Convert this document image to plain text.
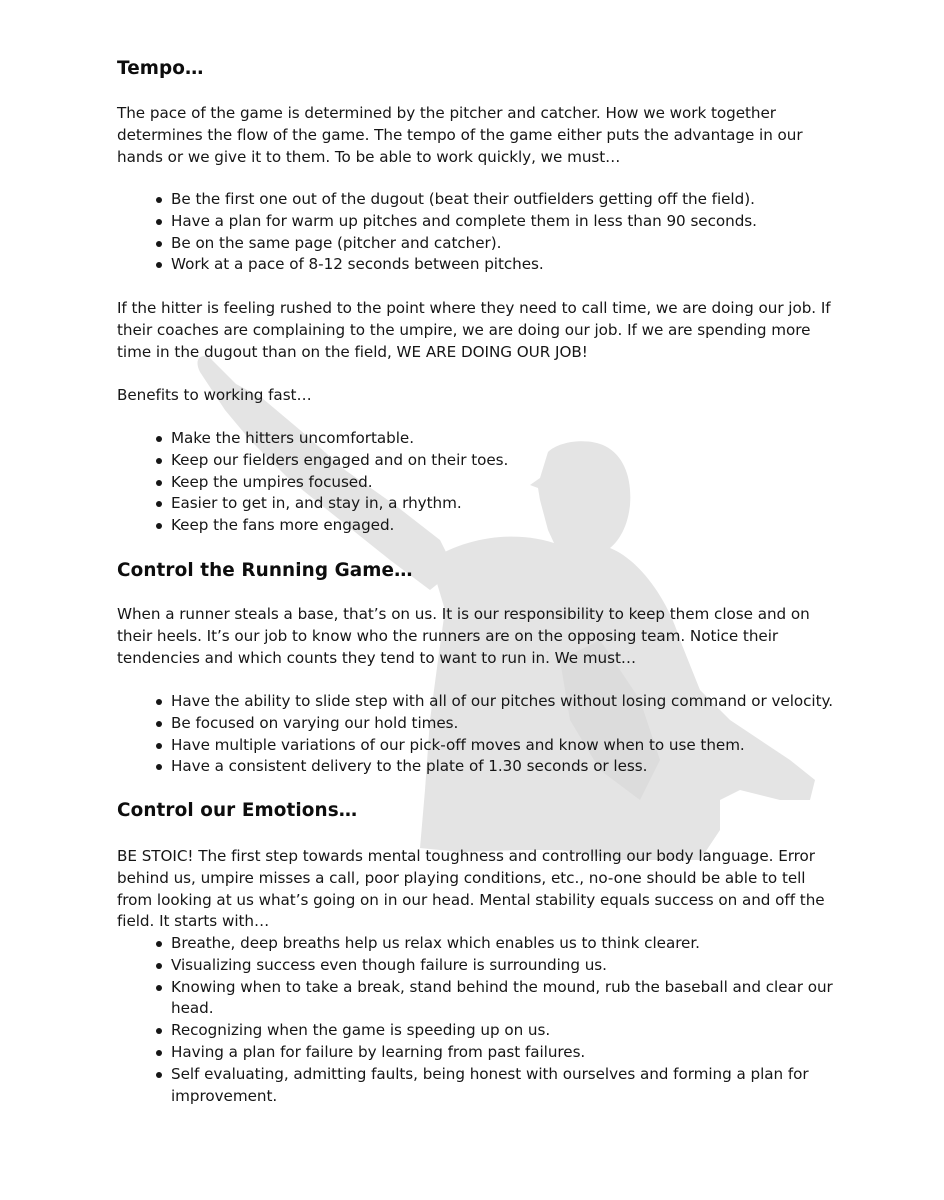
Tempo…

The pace of the game is determined by the pitcher and catcher. How we work together determines the flow of the game. The tempo of the game either puts the advantage in our hands or we give it to them. To be able to work quickly, we must…

Be the first one out of the dugout (beat their outfielders getting off the field).
Have a plan for warm up pitches and complete them in less than 90 seconds.
Be on the same page (pitcher and catcher).
Work at a pace of 8-12 seconds between pitches.

If the hitter is feeling rushed to the point where they need to call time, we are doing our job. If their coaches are complaining to the umpire, we are doing our job. If we are spending more time in the dugout than on the field, WE ARE DOING OUR JOB!

Benefits to working fast…

Make the hitters uncomfortable.
Keep our fielders engaged and on their toes.
Keep the umpires focused.
Easier to get in, and stay in, a rhythm.
Keep the fans more engaged.
Control the Running Game…

When a runner steals a base, that’s on us. It is our responsibility to keep them close and on their heels. It’s our job to know who the runners are on the opposing team. Notice their tendencies and which counts they tend to want to run in. We must…

Have the ability to slide step with all of our pitches without losing command or velocity.
Be focused on varying our hold times.
Have multiple variations of our pick-off moves and know when to use them.
Have a consistent delivery to the plate of 1.30 seconds or less.
Control our Emotions…

BE STOIC! The first step towards mental toughness and controlling our body language. Error behind us, umpire misses a call, poor playing conditions, etc., no-one should be able to tell from looking at us what’s going on in our head. Mental stability equals success on and off the field. It starts with…

Breathe, deep breaths help us relax which enables us to think clearer.
Visualizing success even though failure is surrounding us.
Knowing when to take a break, stand behind the mound, rub the baseball and clear our head.
Recognizing when the game is speeding up on us.
Having a plan for failure by learning from past failures.
Self evaluating, admitting faults, being honest with ourselves and forming a plan for improvement.
